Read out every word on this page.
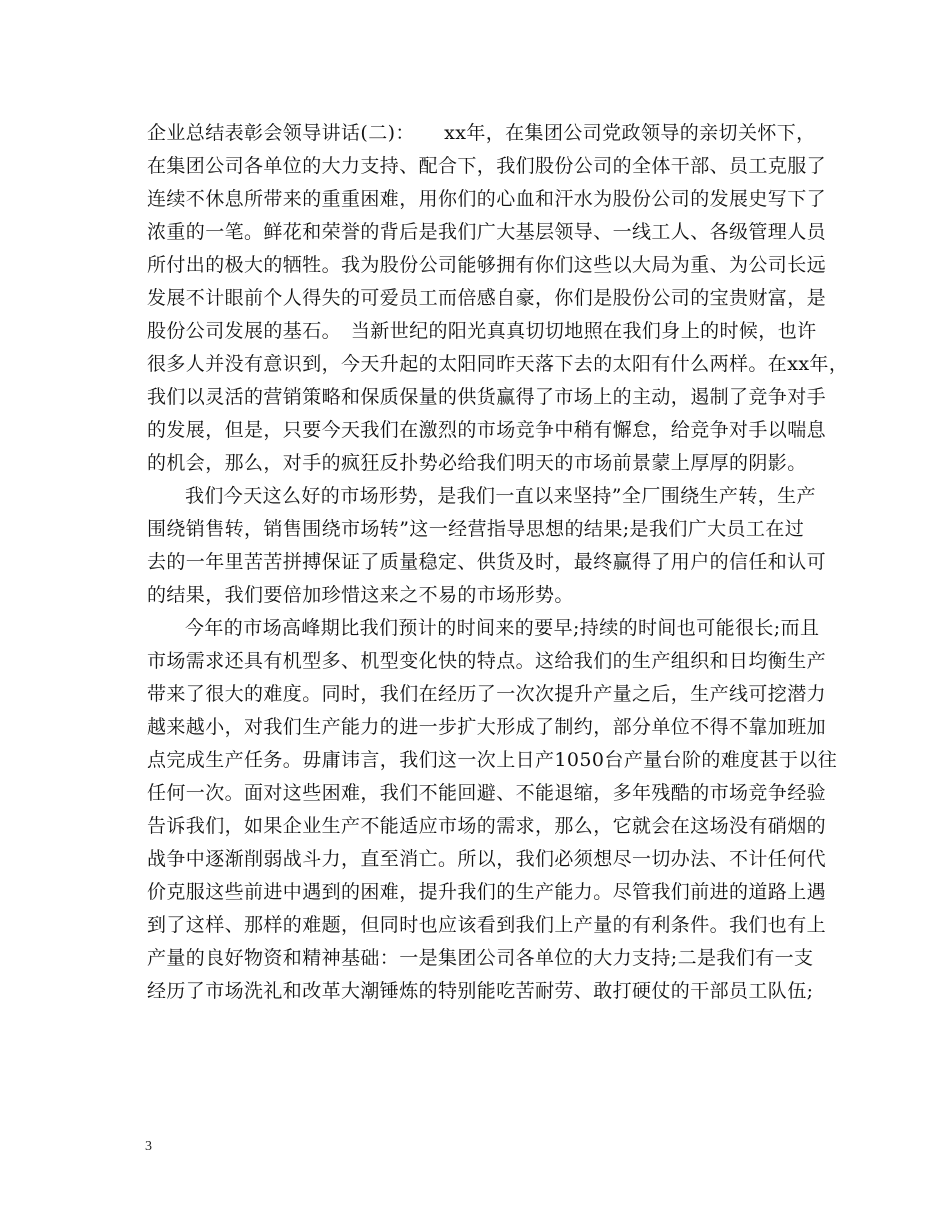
企业总结表彰会领导讲话(二)：　　xx年，在集团公司党政领导的亲切关怀下，
在集团公司各单位的大力支持、配合下，我们股份公司的全体干部、员工克服了
连续不休息所带来的重重困难，用你们的心血和汗水为股份公司的发展史写下了
浓重的一笔。鲜花和荣誉的背后是我们广大基层领导、一线工人、各级管理人员
所付出的极大的牺牲。我为股份公司能够拥有你们这些以大局为重、为公司长远
发展不计眼前个人得失的可爱员工而倍感自豪，你们是股份公司的宝贵财富，是
股份公司发展的基石。　当新世纪的阳光真真切切地照在我们身上的时候，也许
很多人并没有意识到，今天升起的太阳同昨天落下去的太阳有什么两样。在xx年，
我们以灵活的营销策略和保质保量的供货赢得了市场上的主动，遏制了竞争对手
的发展，但是，只要今天我们在激烈的市场竞争中稍有懈怠，给竞争对手以喘息
的机会，那么，对手的疯狂反扑势必给我们明天的市场前景蒙上厚厚的阴影。
我们今天这么好的市场形势，是我们一直以来坚持”全厂围绕生产转，生产
围绕销售转，销售围绕市场转”这一经营指导思想的结果;是我们广大员工在过
去的一年里苦苦拼搏保证了质量稳定、供货及时，最终赢得了用户的信任和认可
的结果，我们要倍加珍惜这来之不易的市场形势。
今年的市场高峰期比我们预计的时间来的要早;持续的时间也可能很长;而且
市场需求还具有机型多、机型变化快的特点。这给我们的生产组织和日均衡生产
带来了很大的难度。同时，我们在经历了一次次提升产量之后，生产线可挖潜力
越来越小，对我们生产能力的进一步扩大形成了制约，部分单位不得不靠加班加
点完成生产任务。毋庸讳言，我们这一次上日产1050台产量台阶的难度甚于以往
任何一次。面对这些困难，我们不能回避、不能退缩，多年残酷的市场竞争经验
告诉我们，如果企业生产不能适应市场的需求，那么，它就会在这场没有硝烟的
战争中逐渐削弱战斗力，直至消亡。所以，我们必须想尽一切办法、不计任何代
价克服这些前进中遇到的困难，提升我们的生产能力。尽管我们前进的道路上遇
到了这样、那样的难题，但同时也应该看到我们上产量的有利条件。我们也有上
产量的良好物资和精神基础：一是集团公司各单位的大力支持;二是我们有一支
经历了市场洗礼和改革大潮锤炼的特别能吃苦耐劳、敢打硬仗的干部员工队伍;
3
